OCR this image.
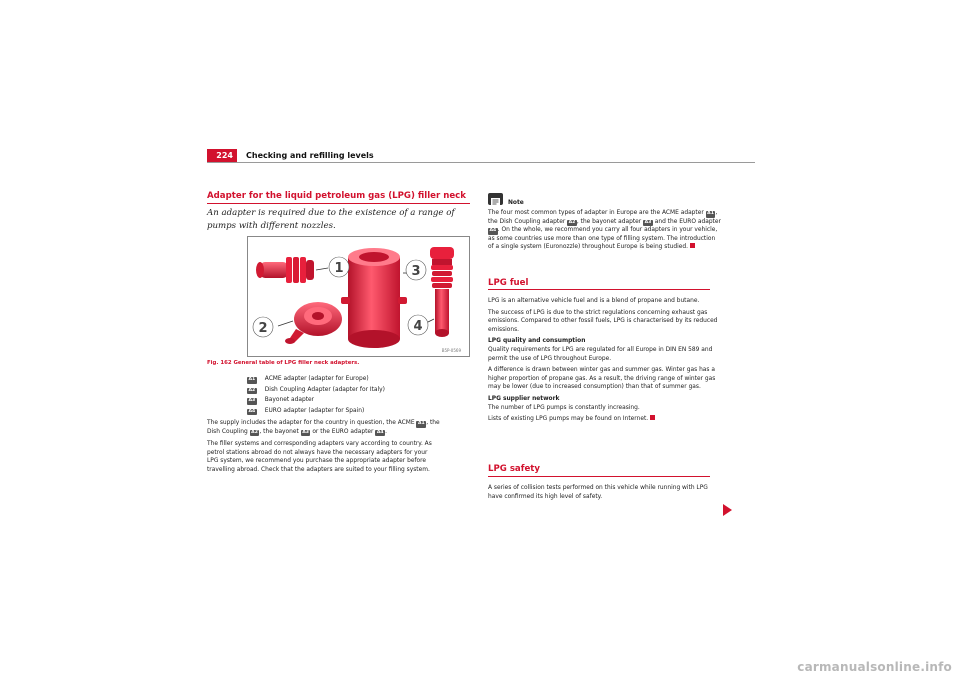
224	Checking and refilling levels
Adapter for the liquid petroleum gas (LPG) filler neck
An adapter is required due to the existence of a range of pumps with different nozzles.
1
2
3
4
B5P-0569
Fig. 162 General table of LPG filler neck adapters.
A1 ACME adapter (adapter for Europe)
A2 Dish Coupling Adapter (adapter for Italy)
A3 Bayonet adapter
A4 EURO adapter (adapter for Spain)
The supply includes the adapter for the country in question, the ACME A1 , the
Dish Coupling A2 , the bayonet A3 or the EURO adapter A4 .
The filler systems and corresponding adapters vary according to country. As
petrol stations abroad do not always have the necessary adapters for your
LPG system, we recommend you purchase the appropriate adapter before
travelling abroad. Check that the adapters are suited to your filling system.
Note
The four most common types of adapter in Europe are the ACME adapter A1 ,
the Dish Coupling adapter A2 , the bayonet adapter A3 and the EURO adapter
A4 . On the whole, we recommend you carry all four adapters in your vehicle,
as some countries use more than one type of filling system. The introduction
of a single system (Euronozzle) throughout Europe is being studied.
LPG fuel

LPG is an alternative vehicle fuel and is a blend of propane and butane.

The success of LPG is due to the strict regulations concerning exhaust gas
emissions. Compared to other fossil fuels, LPG is characterised by its reduced
emissions.

LPG quality and consumption

Quality requirements for LPG are regulated for all Europe in DIN EN 589 and
permit the use of LPG throughout Europe.

A difference is drawn between winter gas and summer gas. Winter gas has a
higher proportion of propane gas. As a result, the driving range of winter gas
may be lower (due to increased consumption) than that of summer gas.

LPG supplier network

The number of LPG pumps is constantly increasing.

Lists of existing LPG pumps may be found on Internet.

LPG safety
A series of collision tests performed on this vehicle while running with LPG
have confirmed its high level of safety.
carmanualsonline.info
